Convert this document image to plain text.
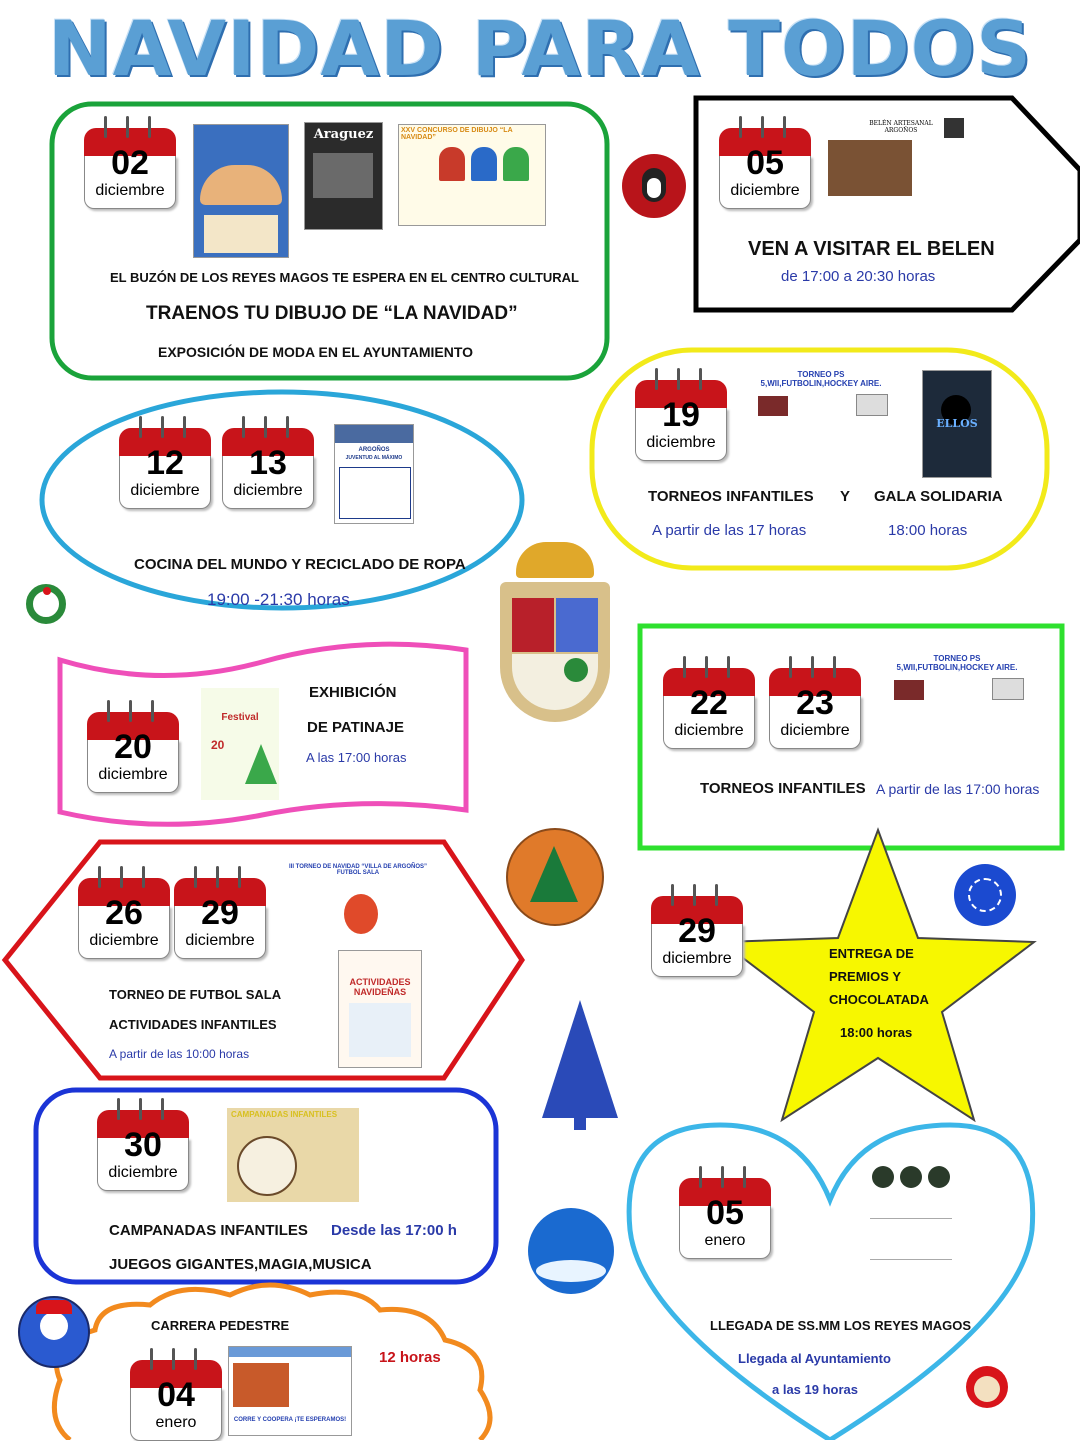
NAVIDAD PARA TODOS
02
diciembre
Araguez	XXV CONCURSO DE DIBUJO “LA NAVIDAD”
EL BUZÓN DE LOS REYES MAGOS TE ESPERA EN EL CENTRO CULTURAL
TRAENOS TU DIBUJO DE “LA NAVIDAD”
EXPOSICIÓN DE MODA EN EL AYUNTAMIENTO
05
diciembre
BELÉN ARTESANAL ARGOÑOS
VEN A VISITAR EL BELEN
de 17:00 a 20:30 horas
19
diciembre
TORNEO PS 5,WII,FUTBOLIN,HOCKEY AIRE.
ELLOS
TORNEOS INFANTILES Y GALA SOLIDARIA
A partir de las 17 horas	18:00 horas
12
diciembre
13
diciembre
ARGOÑOS
JUVENTUD AL MÁXIMO
COCINA DEL MUNDO Y RECICLADO DE ROPA
19:00 -21:30 horas
20
diciembre
Festival
20
EXHIBICIÓN
DE PATINAJE
A las 17:00 horas
22
diciembre
23
diciembre
TORNEO PS 5,WII,FUTBOLIN,HOCKEY AIRE.
TORNEOS INFANTILES A partir de las 17:00 horas
26
diciembre
29
diciembre
III TORNEO DE NAVIDAD “VILLA DE ARGOÑOS” FUTBOL SALA
ACTIVIDADES NAVIDEÑAS
TORNEO DE FUTBOL SALA
ACTIVIDADES INFANTILES
A partir de las 10:00 horas
29
diciembre	ENTREGA DE
PREMIOS Y
CHOCOLATADA
18:00 horas
30
diciembre
CAMPANADAS INFANTILES
CAMPANADAS INFANTILES Desde las 17:00 h
JUEGOS GIGANTES,MAGIA,MUSICA
05
enero
LLEGADA DE SS.MM LOS REYES MAGOS
Llegada al Ayuntamiento
a las 19 horas
04
enero	CORRE Y COOPERA ¡TE ESPERAMOS!
CARRERA PEDESTRE
12 horas
